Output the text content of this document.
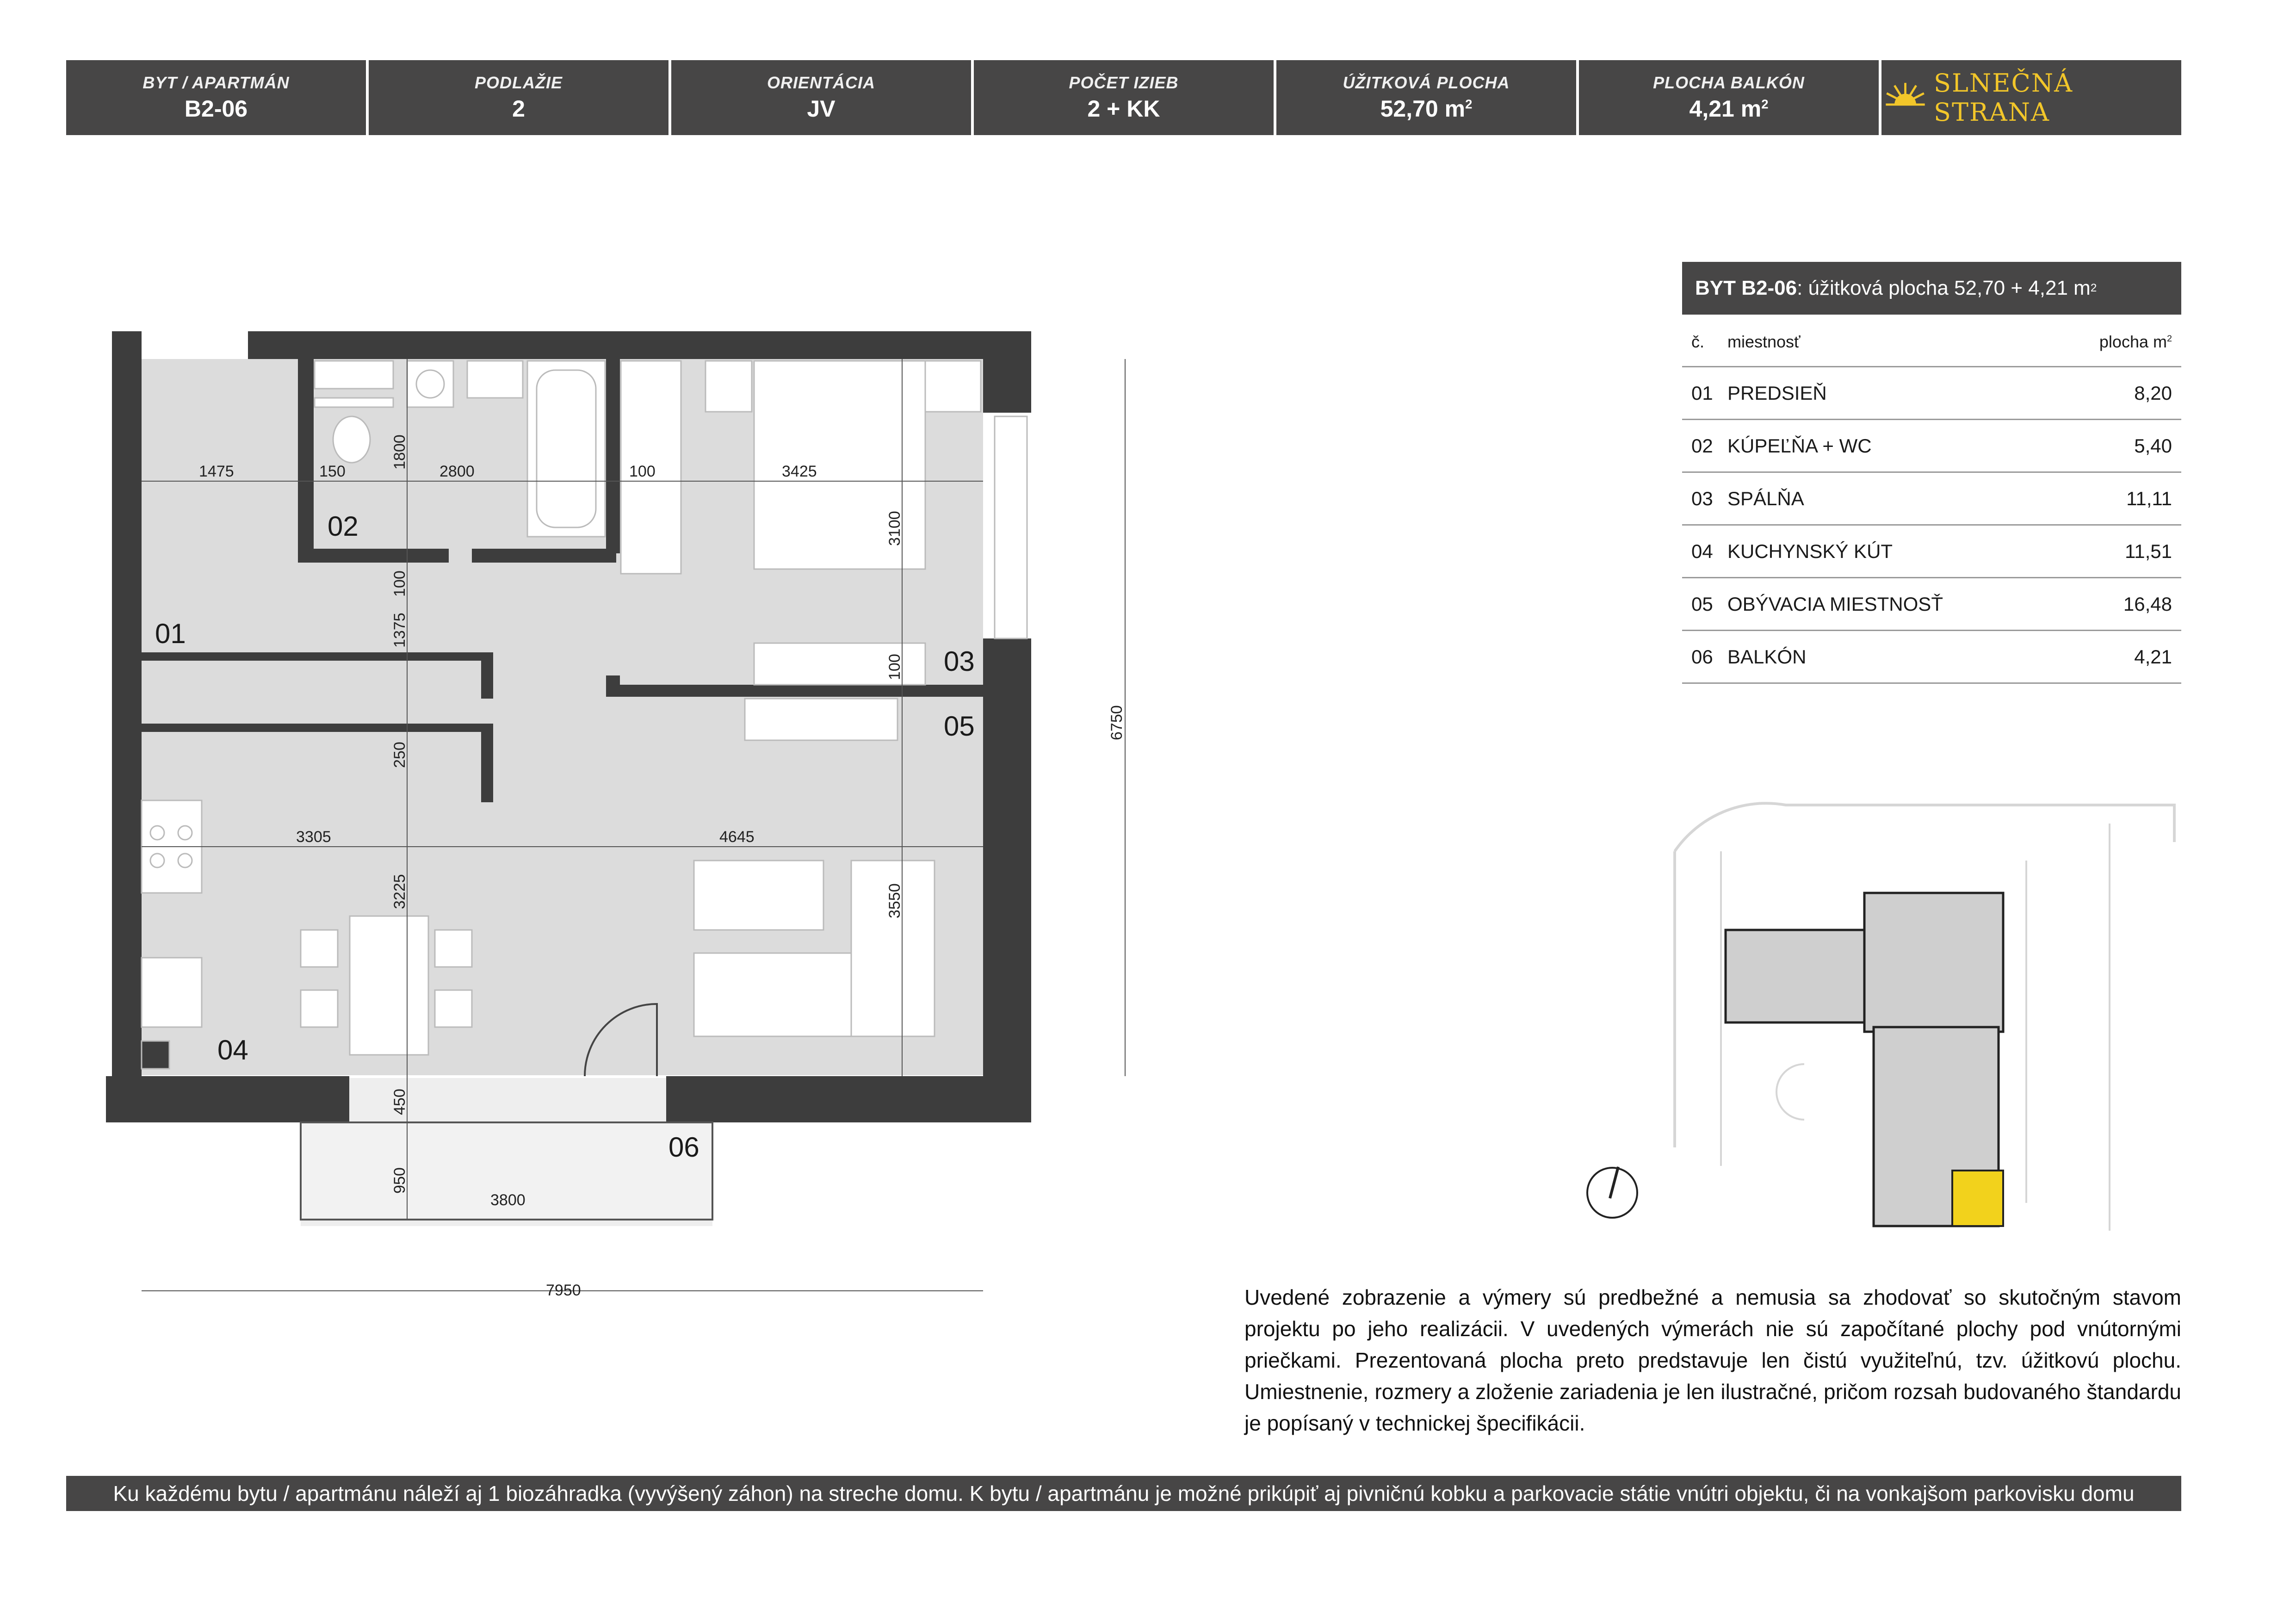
BYT / APARTMÁN
B2-06
PODLAŽIE
2
ORIENTÁCIA
JV
POČET IZIEB
2 + KK
ÚŽITKOVÁ PLOCHA
52,70 $m^2$
PLOCHA BALKÓN
4,21 $m^2$
SLNEČNÁ STRANA
01
02
03
04
05
06
1475	150	2800	100	3425
1800
3100
100
1375
100
250
3305	4645
3225	3550
450
950
3800
7950
6750
BYT B2-06 : úžitková plocha 52,70 + 4,21 m 2
č.	miestnosť	plocha $m^2$
01 PREDSIEŇ	8,20
02 KÚPEĽŇA + WC	5,40
03 SPÁLŇA	11,11
04 KUCHYNSKÝ KÚT	11,51
05 OBÝVACIA MIESTNOSŤ	16,48
06 BALKÓN	4,21
Uvedené zobrazenie a výmery sú predbežné a nemusia sa zhodovať so skutočným stavom projektu po jeho realizácii. V uvedených výmerách nie sú započítané plochy pod vnútornými priečkami. Prezentovaná plocha preto predstavuje len čistú využiteľnú, tzv. úžitkovú plochu. Umiestnenie, rozmery a zloženie zariadenia je len ilustračné, pričom rozsah budovaného štandardu je popísaný v technickej špecifikácii.
Ku každému bytu / apartmánu náleží aj 1 biozáhradka (vyvýšený záhon) na streche domu. K bytu / apartmánu je možné prikúpiť aj pivničnú kobku a parkovacie státie vnútri objektu, či na vonkajšom parkovisku domu
